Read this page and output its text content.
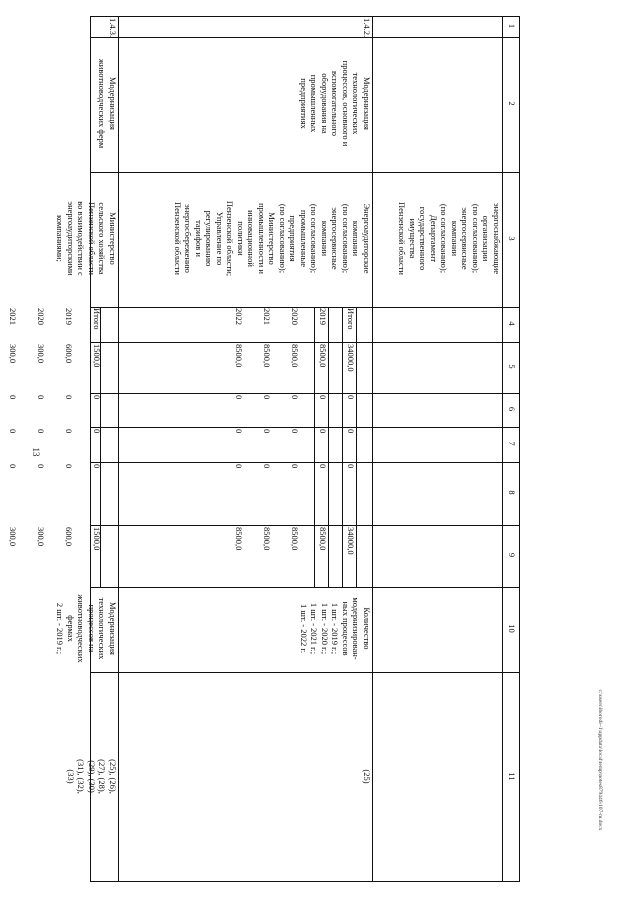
13
c:\users\iborodi~1\appdata\local\temp\notes879446\107-m.docx
1
2
3
4
5
6
7
8
9
10
11
энергоснабжающие
организации
(по согласованию);
энергосервисные
компании
(по согласованию);
Департамент
государственного
имущества
Пензенской области
1.4.2.
Модернизация
технологических
процессов, основного и
вспомогательного
оборудования на
промышленных
предприятиях
Энергоаудиторские
компании
(по согласованию);
энергосервисные
компании
(по согласованию);
промышленные
предприятия
(по согласованию);
Министерство
промышленности и
инновационной
политики
Пензенской области;
Управление по
регулированию
тарифов и
энергосбережению
Пензенской области

Итого

2019

2020

2021

2022

34000,0

8500,0

8500,0

8500,0

8500,0

0

0

0

0

0

0

0

0

0

0

0

0

0

0

0

34000,0

8500,0

8500,0

8500,0

8500,0

Количество
модернизирован-
ных процессов
1 шт. - 2019 г.;
1 шт. - 2020 г.;
1 шт. - 2021 г.;
1 шт. - 2022 г.
(25)
1.4.3.
Модернизация
животноводческих ферм
Министерство
сельского хозяйства
Пензенской области
во взаимодействии с
энергоаудиторскими
компаниями;

Итого

2019

2020

2021

1500,0

600,0

300,0

300,0

0

0

0

0

0

0

0

0

0

0

0

0

1500,0

600,0

300,0

300,0

Модернизация
технологических
процессов на
животноводческих
фермах
2 шт. - 2019 г.;
(25), (26),
(27), (28),
(29), (30)
(31), (32),
(33)
